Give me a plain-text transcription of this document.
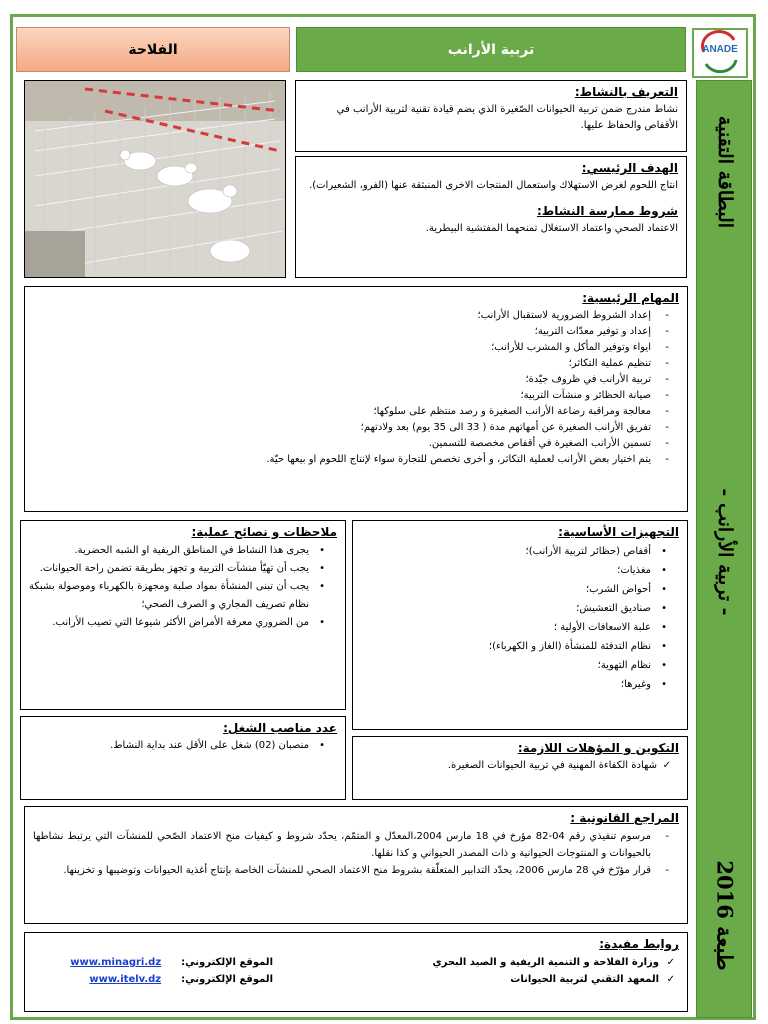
الفلاحة	تربية الأرانب	ANADE
البطاقة التقنية
- تربية الأرانب -
طبعة 2016
التعريف بالنشاط:
نشاط مندرج ضمن تربية الحيوانات الصّغيرة الذي يضم قيادة تقنية لتربية الأرانب في الأقفاص والحفاظ عليها.
الهدف الرئيسي:
انتاج اللحوم لغرض الاستهلاك واستعمال المنتجات الاخرى المنبثقة عنها (الفرو، الشعيرات).
شروط ممارسة النشاط:
الاعتماد الصحي واعتماد الاستغلال تمنحهما المفتشية البيطرية.
المهام الرئيسية:
- إعداد الشروط الضرورية لاستقبال الأرانب؛
- إعداد و توفير معدّات التربية؛
- ايواء وتوفير المأكل و المشرب للأرانب؛
- تنظيم عملية التكاثر؛
- تربية الأرانب في ظروف جيّدة؛
- صيانة الحظائر و منشآت التربية؛
- معالجة ومراقبة رضاعة الأرانب الصغيرة و رصد منتظم على سلوكها؛
- تفريق الأرانب الصغيرة عن أمهاتهم مدة ( 33 الى 35 يوم) بعد ولادتهم؛
- تسمين الأرانب الصغيرة في أقفاص مخصصة للتسمين.
- يتم اختيار بعض الأرانب لعملية التكاثر، و أخرى تخصص للتجارة سواء لإنتاج اللحوم او بيعها حيّة.
التجهيزات الأساسية:
• أقفاص (حظائر لتربية الأرانب)؛
• مغذيات؛
• أحواض الشرب؛
• صناديق التعشيش؛
• علبة الاسعافات الأولية ؛
• نظام التدفئة للمنشأة (الغاز و الكهرباء)؛
• نظام التهوية؛
• وغيرها؛
ملاحظات و نصائح عملية:
• يجرى هذا النشاط في المناطق الريفية او الشبه الحضرية.
• يجب أن تهيّأ منشآت التربية و تجهز بطريقة تضمن راحة الحيوانات.
• يجب أن تبنى المنشأة بمواد صلبة ومجهزة بالكهرباء وموصولة بشبكة نظام تصريف المجاري و الصرف الصحي؛
• من الضروري معرفة الأمراض الأكثر شيوعا التي تصيب الأرانب.
عدد مناصب الشغل:
• منصبان (02) شغل على الأقل عند بداية النشاط.	التكوين و المؤهلات اللازمة:
✓ شهادة الكفاءة المهنية في تربية الحيوانات الصغيرة.
المراجع القانونية :
- مرسوم تنفيذي رقم 04-82 مؤرخ في 18 مارس 2004،المعدّل و المتمّم، يحدّد شروط و كيفيات منح الاعتماد الصّحي للمنشآت التي يرتبط نشاطها بالحيوانات و المنتوجات الحيوانية و ذات المصدر الحيواني و كذا نقلها.
- قرار مؤرّخ في 28 مارس 2006، يحدّد التدابير المتعلّقة بشروط منح الاعتماد الصحي للمنشآت الخاصة بإنتاج أغذية الحيوانات وتوضيبها و تخزينها.
روابط مفيدة:
✓ وزارة الفلاحة و التنمية الريفية و الصيد البحري
الموقع الإلكتروني:
www.minagri.dz
✓ المعهد التقني لتربية الحيوانات
الموقع الإلكتروني:
www.itelv.dz
